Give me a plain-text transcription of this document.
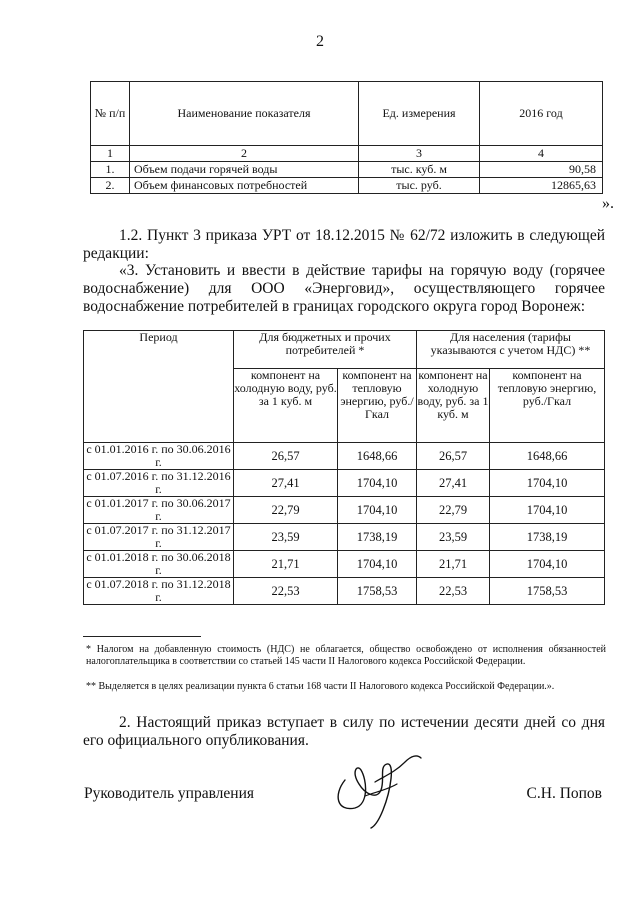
2
№ п/п	Наименование показателя	Ед. измерения	2016 год
1	2	3	4
1.	Объем подачи горячей воды	тыс. куб. м	90,58
2.	Объем финансовых потребностей	тыс. руб.	12865,63
».
1.2. Пункт 3 приказа УРТ от 18.12.2015 № 62/72 изложить в следующей редакции:
«3. Установить и ввести в действие тарифы на горячую воду (горячее водоснабжение) для ООО «Энерговид», осуществляющего горячее водоснабжение потребителей в границах городского округа город Воронеж:
Период	Для бюджетных и прочих потребителей *		Для населения (тарифы указываются с учетом НДС) **	
	компонент на холодную воду, руб. за 1 куб. м	компонент на тепловую энергию, руб./Гкал	компонент на холодную воду, руб. за 1 куб. м	компонент на тепловую энергию, руб./Гкал
с 01.01.2016 г. по 30.06.2016 г.	26,57	1648,66	26,57	1648,66
с 01.07.2016 г. по 31.12.2016 г.	27,41	1704,10	27,41	1704,10
с 01.01.2017 г. по 30.06.2017 г.	22,79	1704,10	22,79	1704,10
с 01.07.2017 г. по 31.12.2017 г.	23,59	1738,19	23,59	1738,19
с 01.01.2018 г. по 30.06.2018 г.	21,71	1704,10	21,71	1704,10
с 01.07.2018 г. по 31.12.2018 г.	22,53	1758,53	22,53	1758,53
* Налогом на добавленную стоимость (НДС) не облагается, общество освобождено от исполнения обязанностей налогоплательщика в соответствии со статьей 145 части II Налогового кодекса Российской Федерации.
** Выделяется в целях реализации пункта 6 статьи 168 части II Налогового кодекса Российской Федерации.».
2. Настоящий приказ вступает в силу по истечении десяти дней со дня его официального опубликования.
Руководитель управления	С.Н. Попов
